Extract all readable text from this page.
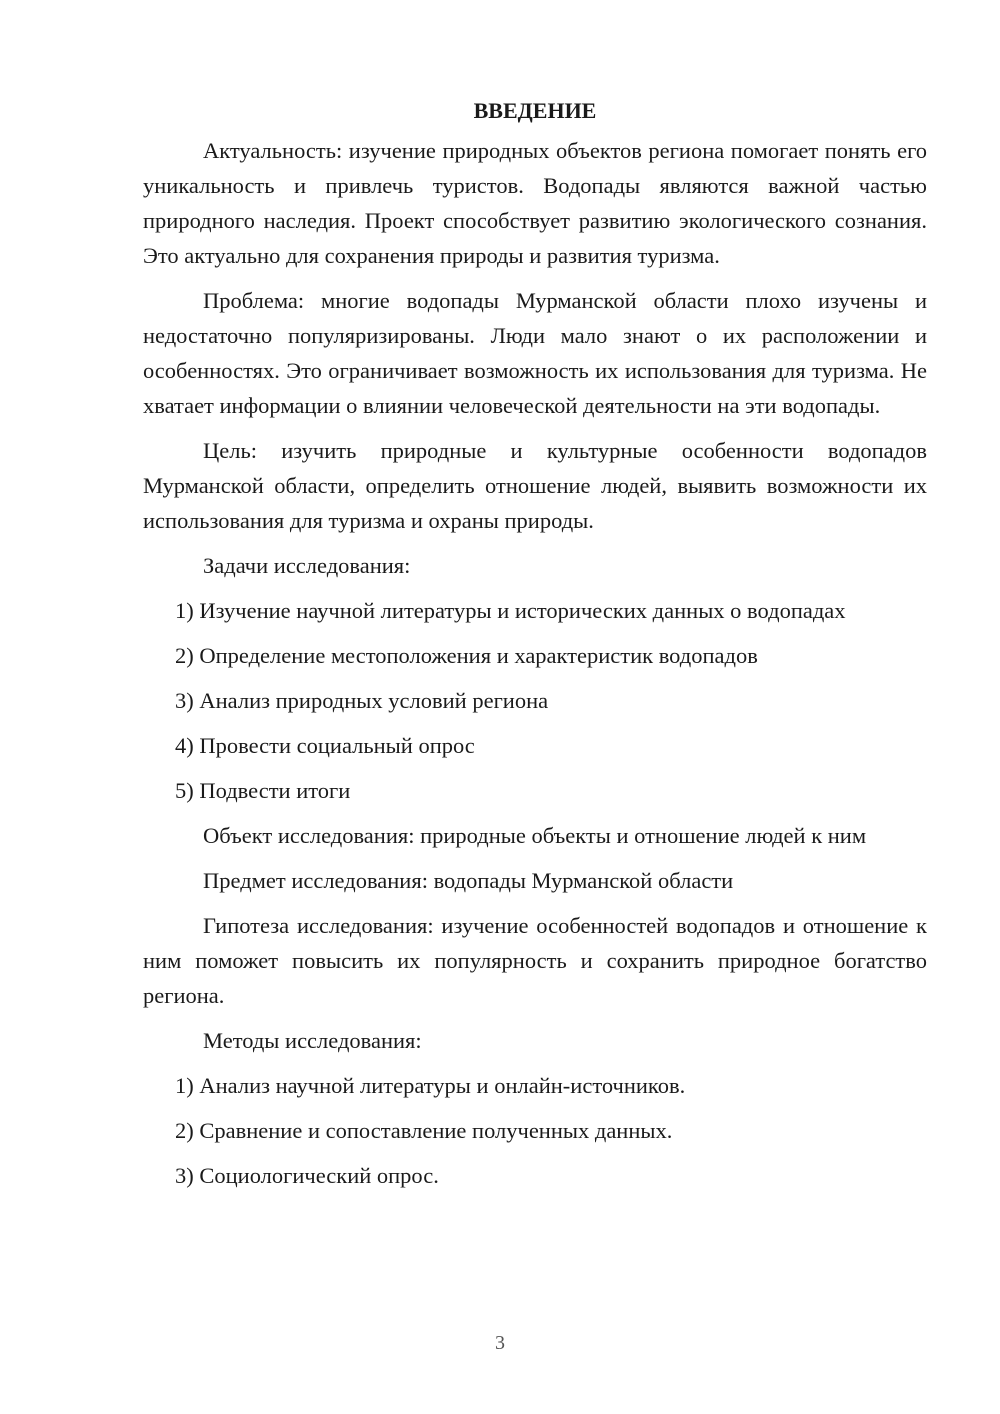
ВВЕДЕНИЕ

Актуальность: изучение природных объектов региона помогает понять его уникальность и привлечь туристов. Водопады являются важной частью природного наследия. Проект способствует развитию экологического сознания. Это актуально для сохранения природы и развития туризма.

Проблема: многие водопады Мурманской области плохо изучены и недостаточно популяризированы. Люди мало знают о их расположении и особенностях. Это ограничивает возможность их использования для туризма. Не хватает информации о влиянии человеческой деятельности на эти водопады.

Цель: изучить природные и культурные особенности водопадов Мурманской области, определить отношение людей, выявить возможности их использования для туризма и охраны природы.

Задачи исследования:

1) Изучение научной литературы и исторических данных о водопадах

2) Определение местоположения и характеристик водопадов

3) Анализ природных условий региона

4) Провести социальный опрос

5) Подвести итоги

Объект исследования: природные объекты и отношение людей к ним

Предмет исследования: водопады Мурманской области

Гипотеза исследования: изучение особенностей водопадов и отношение к ним поможет повысить их популярность и сохранить природное богатство региона.

Методы исследования:

1) Анализ научной литературы и онлайн-источников.

2) Сравнение и сопоставление полученных данных.

3) Социологический опрос.

3
